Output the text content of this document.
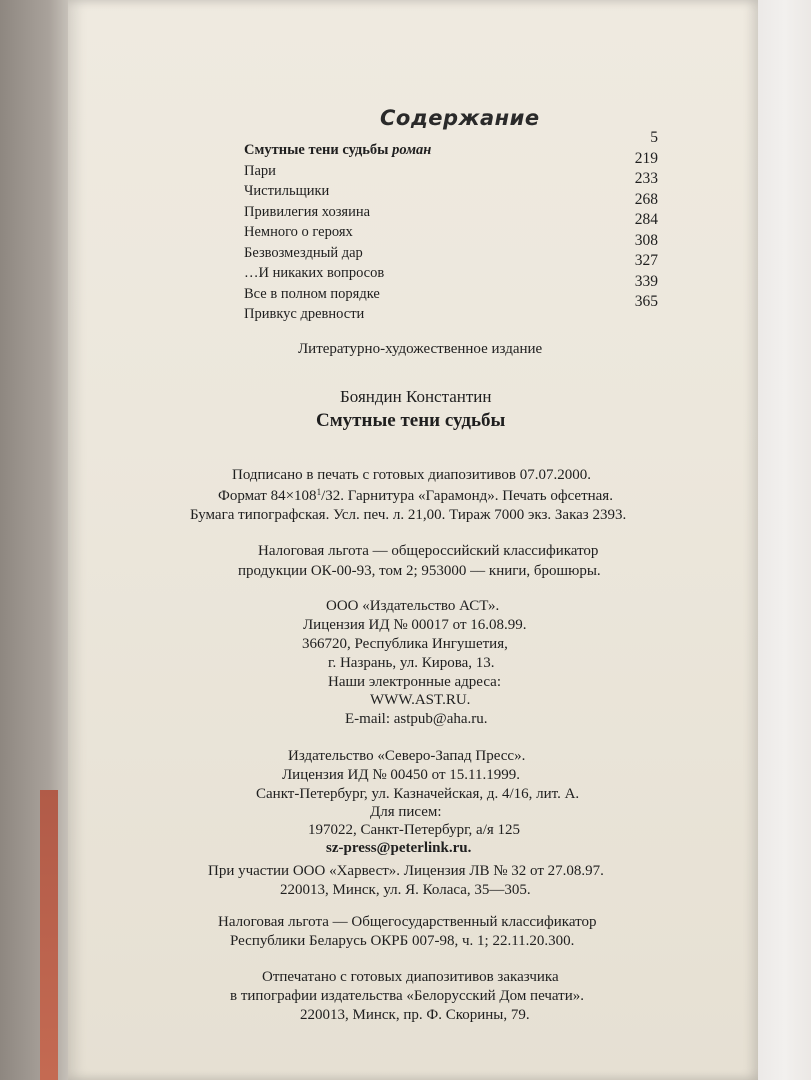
Содержание
Смутные тени судьбы роман
5
Пари
219
Чистильщики
233
Привилегия хозяина
268
Немного о героях
284
Безвозмездный дар
308
…И никаких вопросов
327
Все в полном порядке
339
Привкус древности
365
Литературно-художественное издание
Бояндин Константин
Смутные тени судьбы
Подписано в печать с готовых диапозитивов 07.07.2000.
Формат $84\times 108^1/32$. Гарнитура «Гарамонд». Печать офсетная.
Бумага типографская. Усл. печ. л. 21,00. Тираж 7000 экз. Заказ 2393.
Налоговая льгота — общероссийский классификатор
продукции ОК-00-93, том 2; 953000 –– книги, брошюры.
ООО «Издательство АСТ».
Лицензия ИД № 00017 от 16.08.99.
366720, Республика Ингушетия,
г. Назрань, ул. Кирова, 13.
Наши электронные адреса:
WWW.AST.RU.
E-mail: astpub@aha.ru.
Издательство «Северо-Запад Пресс».
Лицензия ИД № 00450 от 15.11.1999.
Санкт-Петербург, ул. Казначейская, д. 4/16, лит. А.
Для писем:
197022, Санкт-Петербург, а/я 125
sz-press@peterlink.ru.
При участии ООО «Харвест». Лицензия ЛВ № 32 от 27.08.97.
220013, Минск, ул. Я. Коласа, 35—305.
Налоговая льгота — Общегосударственный классификатор
Республики Беларусь ОКРБ 007-98, ч. 1; 22.11.20.300.
Отпечатано с готовых диапозитивов заказчика
в типографии издательства «Белорусский Дом печати».
220013, Минск, пр. Ф. Скорины, 79.
